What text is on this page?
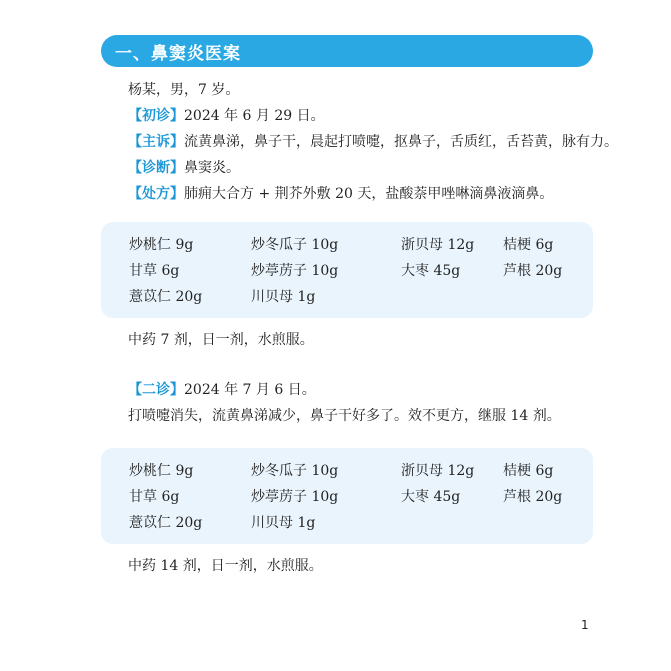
一、鼻窦炎医案
杨某，男，7 岁。
【初诊】2024 年 6 月 29 日。
【主诉】流黄鼻涕，鼻子干，晨起打喷嚏，抠鼻子，舌质红，舌苔黄，脉有力。
【诊断】鼻窦炎。
【处方】肺痈大合方 + 荆芥外敷 20 天，盐酸萘甲唑啉滴鼻液滴鼻。
炒桃仁 9g	炒冬瓜子 10g	浙贝母 12g 桔梗 6g
甘草 6g	炒葶苈子 10g	大枣 45g	芦根 20g
薏苡仁 20g	川贝母 1g
中药 7 剂，日一剂，水煎服。
【二诊】2024 年 7 月 6 日。
打喷嚏消失，流黄鼻涕减少，鼻子干好多了。效不更方，继服 14 剂。
炒桃仁 9g	炒冬瓜子 10g	浙贝母 12g 桔梗 6g
甘草 6g	炒葶苈子 10g	大枣 45g	芦根 20g
薏苡仁 20g	川贝母 1g
中药 14 剂，日一剂，水煎服。
1
